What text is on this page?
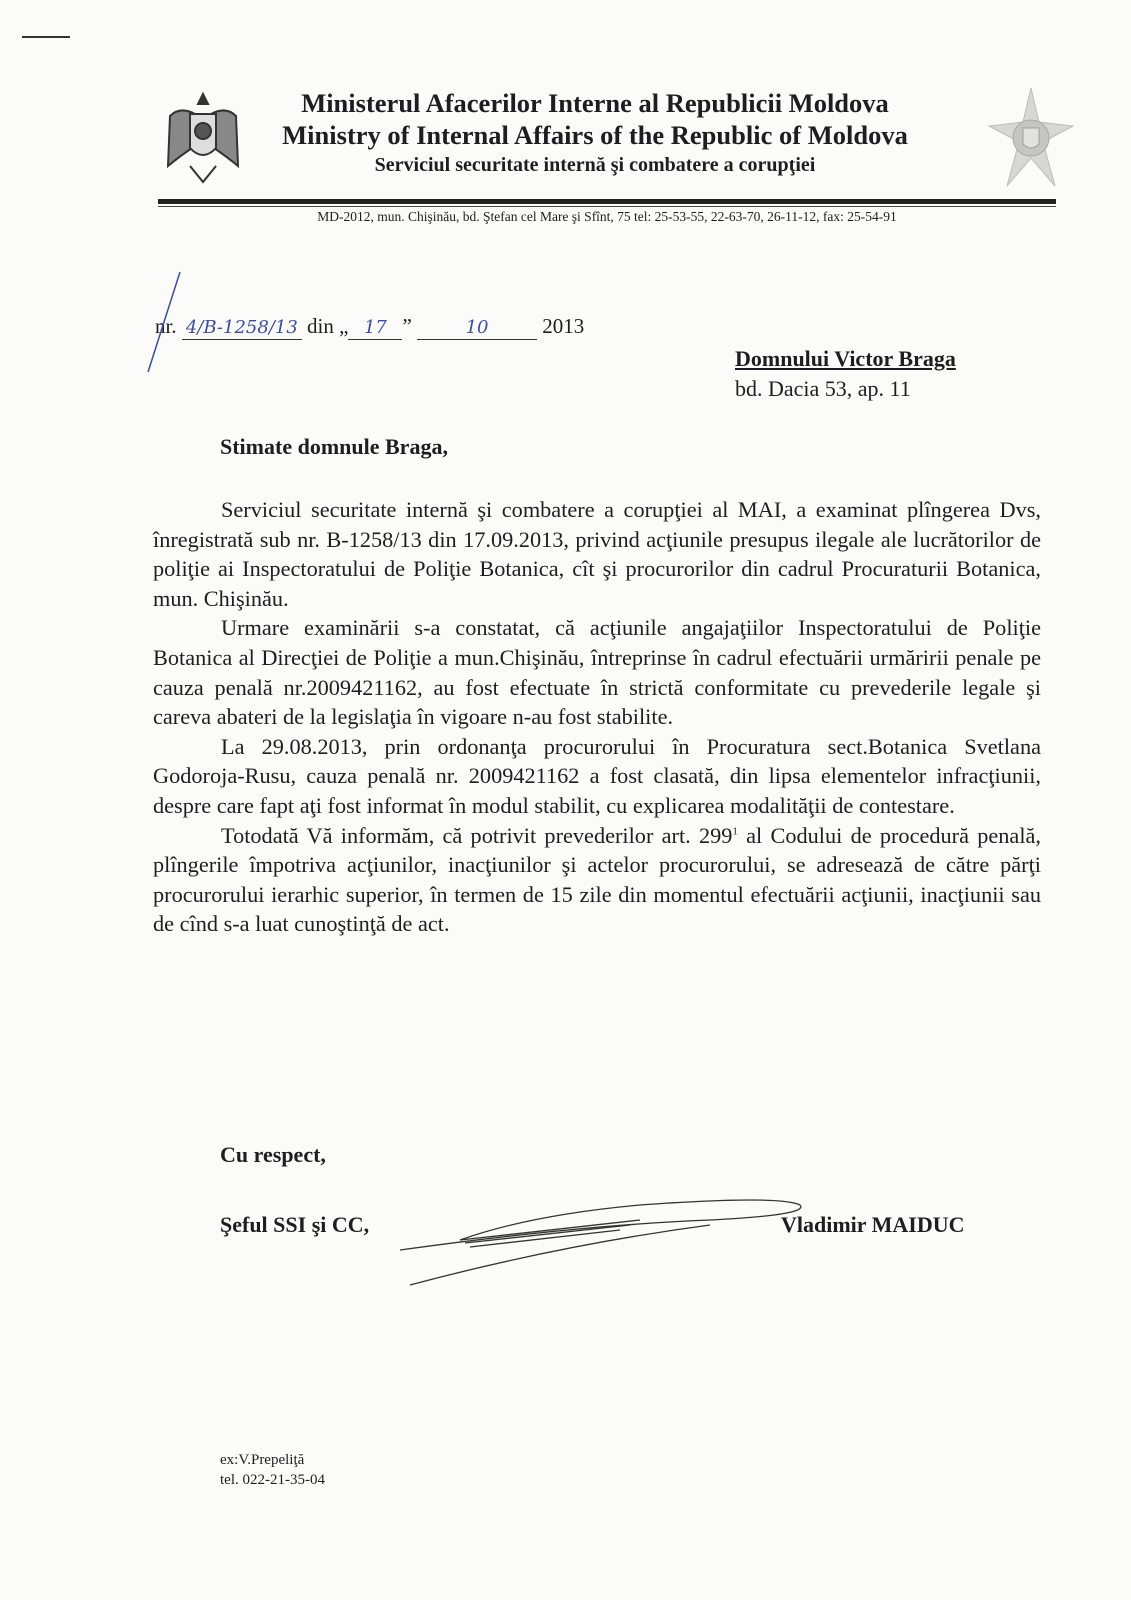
Ministerul Afacerilor Interne al Republicii Moldova
Ministry of Internal Affairs of the Republic of Moldova
Serviciul securitate internă şi combatere a corupţiei
MD-2012, mun. Chişinău, bd. Ştefan cel Mare şi Sfînt, 75 tel: 25-53-55, 22-63-70, 26-11-12, fax: 25-54-91
nr. 4/B-1258/13 din „ 17 ”	10	2013
Domnului Victor Braga
bd. Dacia 53, ap. 11
Stimate domnule Braga,

Serviciul securitate internă şi combatere a corupţiei al MAI, a examinat plîngerea Dvs, înregistrată sub nr. B-1258/13 din 17.09.2013, privind acţiunile presupus ilegale ale lucrătorilor de poliţie ai Inspectoratului de Poliţie Botanica, cît şi procurorilor din cadrul Procuraturii Botanica, mun. Chişinău.

Urmare examinării s-a constatat, că acţiunile angajaţiilor Inspectoratului de Poliţie Botanica al Direcţiei de Poliţie a mun.Chişinău, întreprinse în cadrul efectuării urmăririi penale pe cauza penală nr.2009421162, au fost efectuate în strictă conformitate cu prevederile legale şi careva abateri de la legislaţia în vigoare n-au fost stabilite.

La 29.08.2013, prin ordonanţa procurorului în Procuratura sect.Botanica Svetlana Godoroja-Rusu, cauza penală nr. 2009421162 a fost clasată, din lipsa elementelor infracţiunii, despre care fapt aţi fost informat în modul stabilit, cu explicarea modalităţii de contestare.

Totodată Vă informăm, că potrivit prevederilor art. $299^1$ al Codului de procedură penală, plîngerile împotriva acţiunilor, inacţiunilor şi actelor procurorului, se adresează de către părţi procurorului ierarhic superior, în termen de 15 zile din momentul efectuării acţiunii, inacţiunii sau de cînd s-a luat cunoştinţă de act.

Cu respect,
Şeful SSI şi CC,	Vladimir MAIDUC
ex:V.Prepeliţă
tel. 022-21-35-04
